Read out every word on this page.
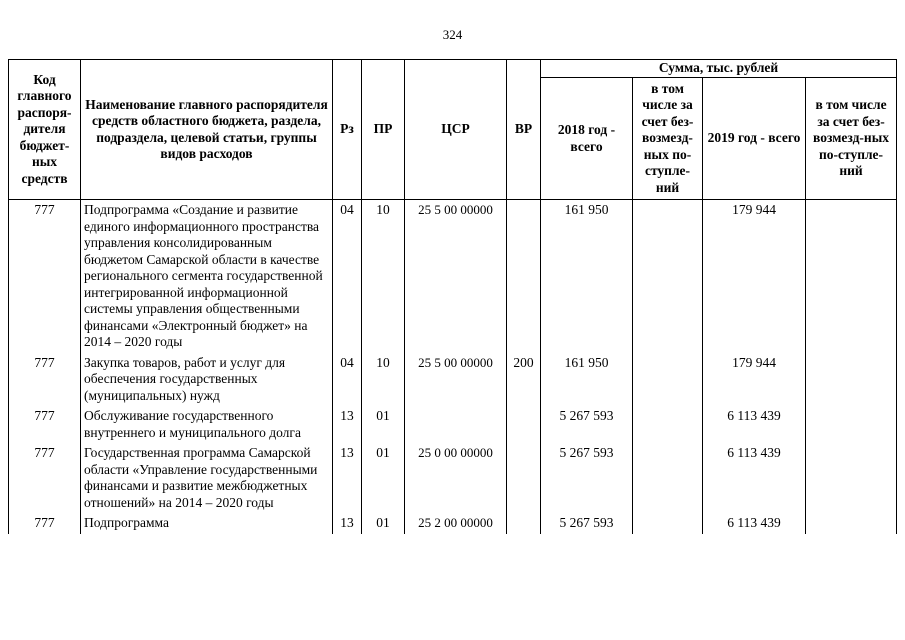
324
Код главного распоря-дителя бюджет-ных средств	Наименование главного распорядителя средств областного бюджета, раздела, подраздела, целевой статьи, группы видов расходов	Рз	ПР	ЦСР	ВР	Сумма, тыс. рублей			
						2018 год - всего	в том числе за счет без-возмезд-ных по-ступле-ний	2019 год - всего	в том числе за счет без-возмезд-ных по-ступле-ний
777	Подпрограмма «Создание и развитие единого информационного пространства управления консолидированным бюджетом Самарской области в качестве регионального сегмента государственной интегрированной информационной системы управления общественными финансами «Электронный бюджет» на 2014 – 2020 годы	04	10	25 5 00 00000		161 950		179 944	
777	Закупка товаров, работ и услуг для обеспечения государственных (муниципальных) нужд	04	10	25 5 00 00000	200	161 950		179 944	
777	Обслуживание государственного внутреннего и муниципального долга	13	01			5 267 593		6 113 439	
777	Государственная программа Самарской области «Управление государственными финансами и развитие межбюджетных отношений» на 2014 – 2020 годы	13	01	25 0 00 00000		5 267 593		6 113 439	
777	Подпрограмма	13	01	25 2 00 00000		5 267 593		6 113 439	
